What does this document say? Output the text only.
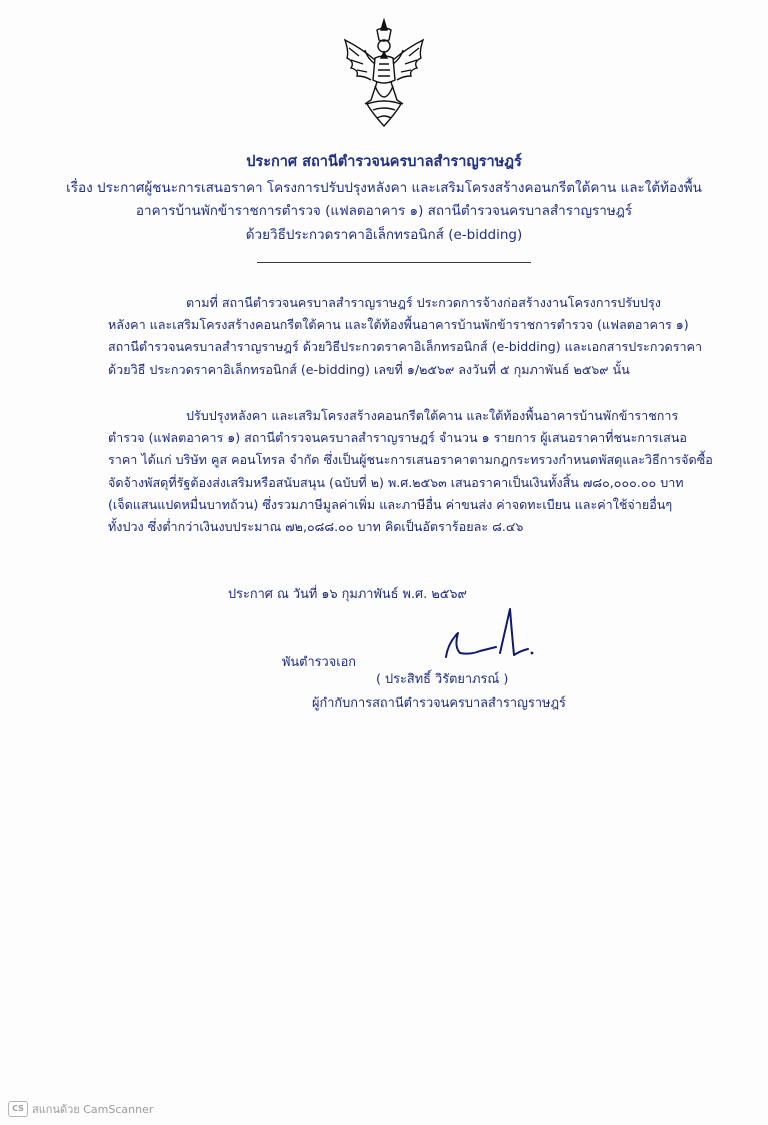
ประกาศ สถานีตำรวจนครบาลสำราญราษฎร์
เรื่อง ประกาศผู้ชนะการเสนอราคา โครงการปรับปรุงหลังคา และเสริมโครงสร้างคอนกรีตใต้คาน และใต้ท้องพื้น
อาคารบ้านพักข้าราชการตำรวจ (แฟลตอาคาร ๑) สถานีตำรวจนครบาลสำราญราษฎร์
ด้วยวิธีประกวดราคาอิเล็กทรอนิกส์ (e-bidding)
ตามที่ สถานีตำรวจนครบาลสำราญราษฎร์ ประกวดการจ้างก่อสร้างงานโครงการปรับปรุง
หลังคา และเสริมโครงสร้างคอนกรีตใต้คาน และใต้ท้องพื้นอาคารบ้านพักข้าราชการตำรวจ (แฟลตอาคาร ๑)
สถานีตำรวจนครบาลสำราญราษฎร์ ด้วยวิธีประกวดราคาอิเล็กทรอนิกส์ (e-bidding) และเอกสารประกวดราคา
ด้วยวิธี ประกวดราคาอิเล็กทรอนิกส์ (e-bidding) เลขที่ ๑/๒๕๖๙ ลงวันที่ ๕ กุมภาพันธ์ ๒๕๖๙ นั้น
ปรับปรุงหลังคา และเสริมโครงสร้างคอนกรีตใต้คาน และใต้ท้องพื้นอาคารบ้านพักข้าราชการ
ตำรวจ (แฟลตอาคาร ๑) สถานีตำรวจนครบาลสำราญราษฎร์ จำนวน ๑ รายการ ผู้เสนอราคาที่ชนะการเสนอ
ราคา ได้แก่ บริษัท คูส คอนโทรล จำกัด ซึ่งเป็นผู้ชนะการเสนอราคาตามกฎกระทรวงกำหนดพัสดุและวิธีการจัดซื้อ
จัดจ้างพัสดุที่รัฐต้องส่งเสริมหรือสนับสนุน (ฉบับที่ ๒) พ.ศ.๒๕๖๓ เสนอราคาเป็นเงินทั้งสิ้น ๗๘๐,๐๐๐.๐๐ บาท
(เจ็ดแสนแปดหมื่นบาทถ้วน) ซึ่งรวมภาษีมูลค่าเพิ่ม และภาษีอื่น ค่าขนส่ง ค่าจดทะเบียน และค่าใช้จ่ายอื่นๆ
ทั้งปวง ซึ่งต่ำกว่าเงินงบประมาณ ๗๒,๐๘๘.๐๐ บาท คิดเป็นอัตราร้อยละ ๘.๔๖
ประกาศ ณ วันที่ ๑๖ กุมภาพันธ์ พ.ศ. ๒๕๖๙
พันตำรวจเอก
( ประสิทธิ์ วิรัตยาภรณ์ )
ผู้กำกับการสถานีตำรวจนครบาลสำราญราษฎร์
CS สแกนด้วย CamScanner
